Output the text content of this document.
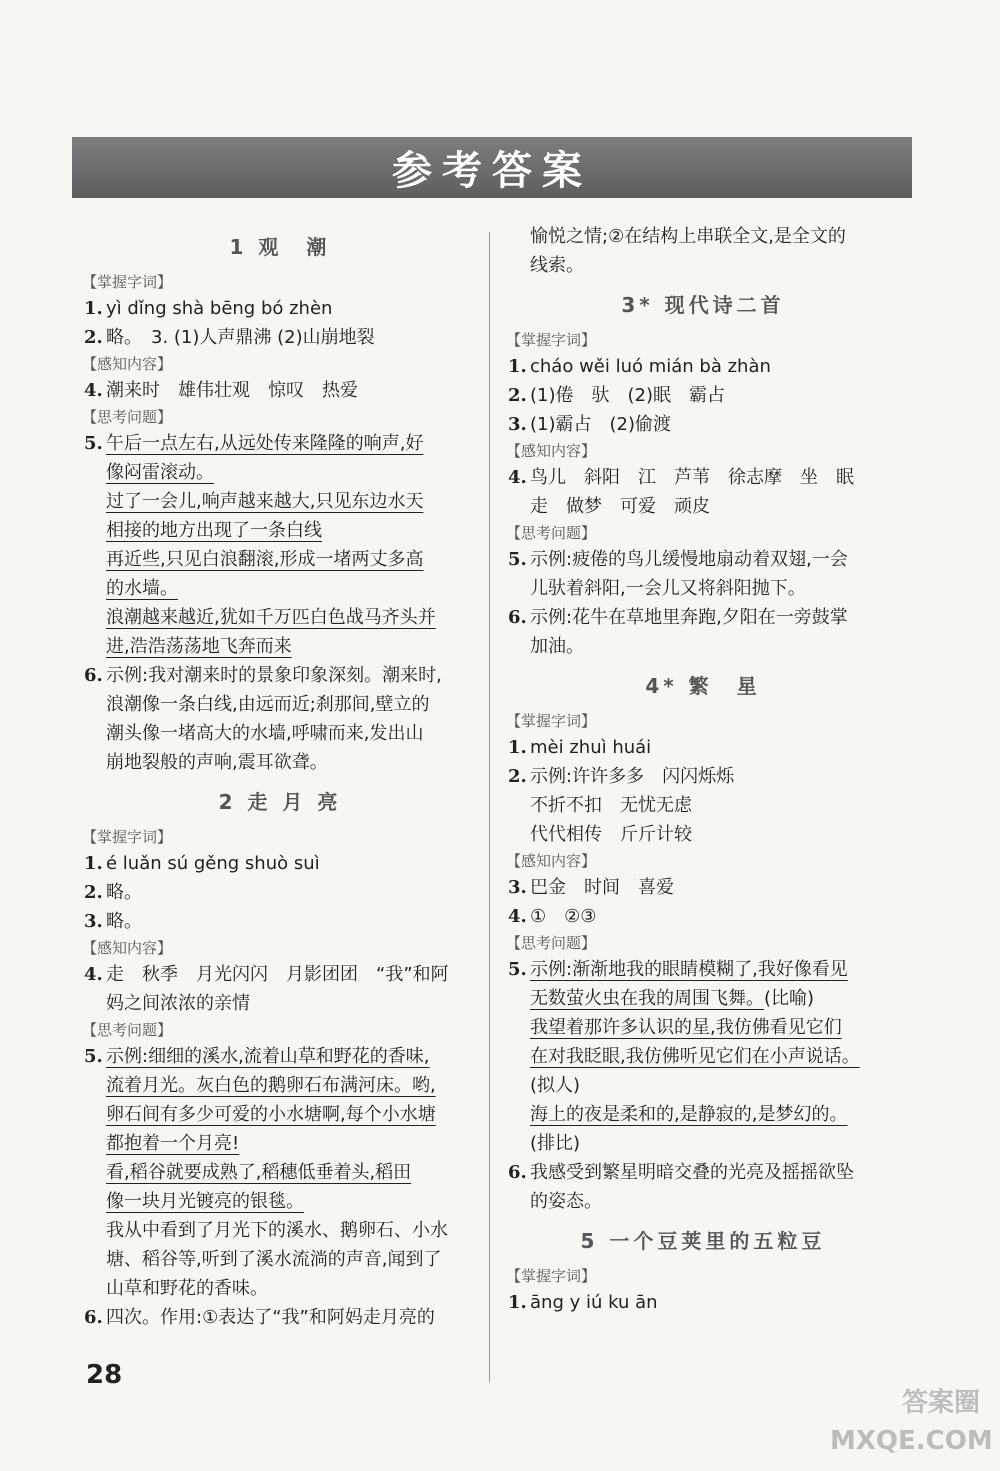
参考答案
1 观　潮
【掌握字词】
1. yì dǐng shà bēng bó zhèn
2. 略。　 3. (1)人声鼎沸 (2)山崩地裂
【感知内容】
4. 潮来时　雄伟壮观　惊叹　热爱
【思考问题】
5. 午后一点左右,从远处传来隆隆的响声,好
像闷雷滚动。
过了一会儿,响声越来越大,只见东边水天
相接的地方出现了一条白线
再近些,只见白浪翻滚,形成一堵两丈多高
的水墙。
浪潮越来越近,犹如千万匹白色战马齐头并
进,浩浩荡荡地飞奔而来
6. 示例:我对潮来时的景象印象深刻。潮来时,
浪潮像一条白线,由远而近;刹那间,壁立的
潮头像一堵高大的水墙,呼啸而来,发出山
崩地裂般的声响,震耳欲聋。
2 走 月 亮
【掌握字词】
1. é luǎn sú gěng shuò suì
2. 略。
3. 略。
【感知内容】
4. 走　秋季　月光闪闪　月影团团　“我”和阿
妈之间浓浓的亲情
【思考问题】
5. 示例:细细的溪水,流着山草和野花的香味,
流着月光。灰白色的鹅卵石布满河床。哟,
卵石间有多少可爱的小水塘啊,每个小水塘
都抱着一个月亮!
看,稻谷就要成熟了,稻穗低垂着头,稻田
像一块月光镀亮的银毯。
我从中看到了月光下的溪水、鹅卵石、小水
塘、稻谷等,听到了溪水流淌的声音,闻到了
山草和野花的香味。
6. 四次。作用:①表达了“我”和阿妈走月亮的
愉悦之情;②在结构上串联全文,是全文的
线索。
3* 现代诗二首
【掌握字词】
1. cháo wěi luó mián bà zhàn
2. (1)倦　驮　(2)眠　霸占
3. (1)霸占　(2)偷渡
【感知内容】
4. 鸟儿　斜阳　江　芦苇　徐志摩　坐　眠
走　做梦　可爱　顽皮
【思考问题】
5. 示例:疲倦的鸟儿缓慢地扇动着双翅,一会
儿驮着斜阳,一会儿又将斜阳抛下。
6. 示例:花牛在草地里奔跑,夕阳在一旁鼓掌
加油。
4* 繁　星
【掌握字词】
1. mèi zhuì huái
2. 示例:许许多多　闪闪烁烁
不折不扣　无忧无虑
代代相传　斤斤计较
【感知内容】
3. 巴金　时间　喜爱
4. ①　②③
【思考问题】
5. 示例:渐渐地我的眼睛模糊了,我好像看见
无数萤火虫在我的周围飞舞。(比喻)
我望着那许多认识的星,我仿佛看见它们
在对我眨眼,我仿佛听见它们在小声说话。
(拟人)
海上的夜是柔和的,是静寂的,是梦幻的。
(排比)
6. 我感受到繁星明暗交叠的光亮及摇摇欲坠
的姿态。
5 一个豆荚里的五粒豆
【掌握字词】
1. āng y iú ku ān
28
答案圈 MXQE.COM
